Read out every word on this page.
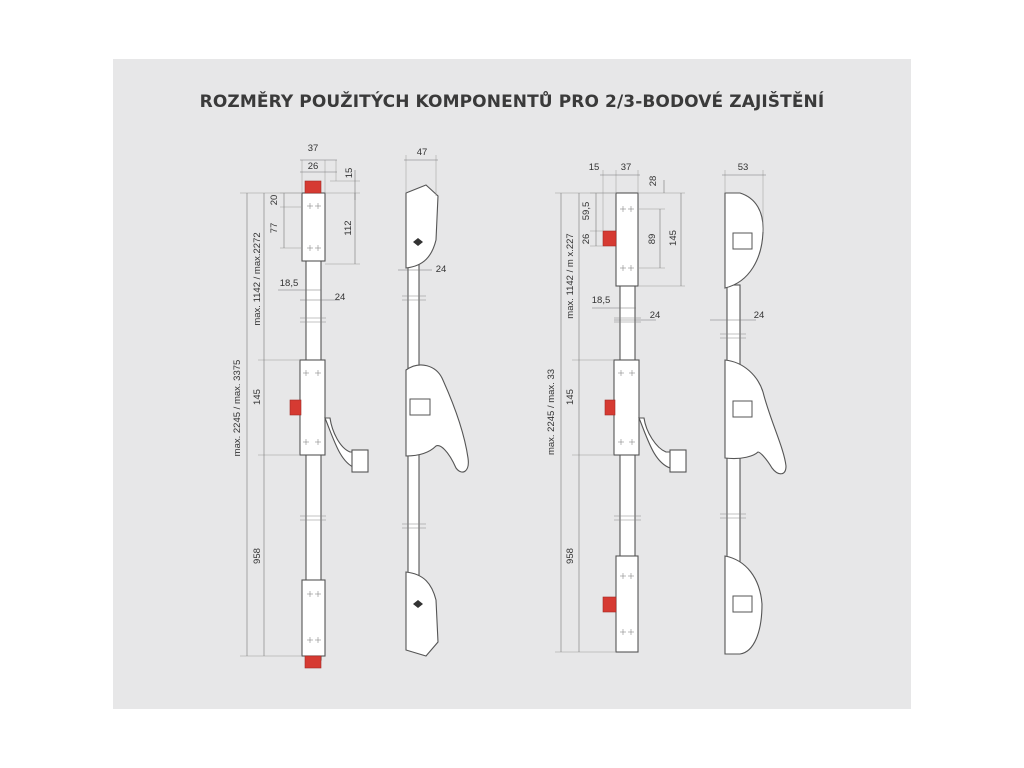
ROZMĚRY POUŽITÝCH KOMPONENTŮ PRO 2/3-BODOVÉ ZAJIŠTĚNÍ
37
26
15
20
77	112
18,5
24
max. 2245 / max. 3375
max. 1142 / max.2272
145
958
47
24
15 37
28
59,5
26	89 145
18,5
24
max. 2245 / max. 33
max. 1142 / m x.227
145
958
53
24
